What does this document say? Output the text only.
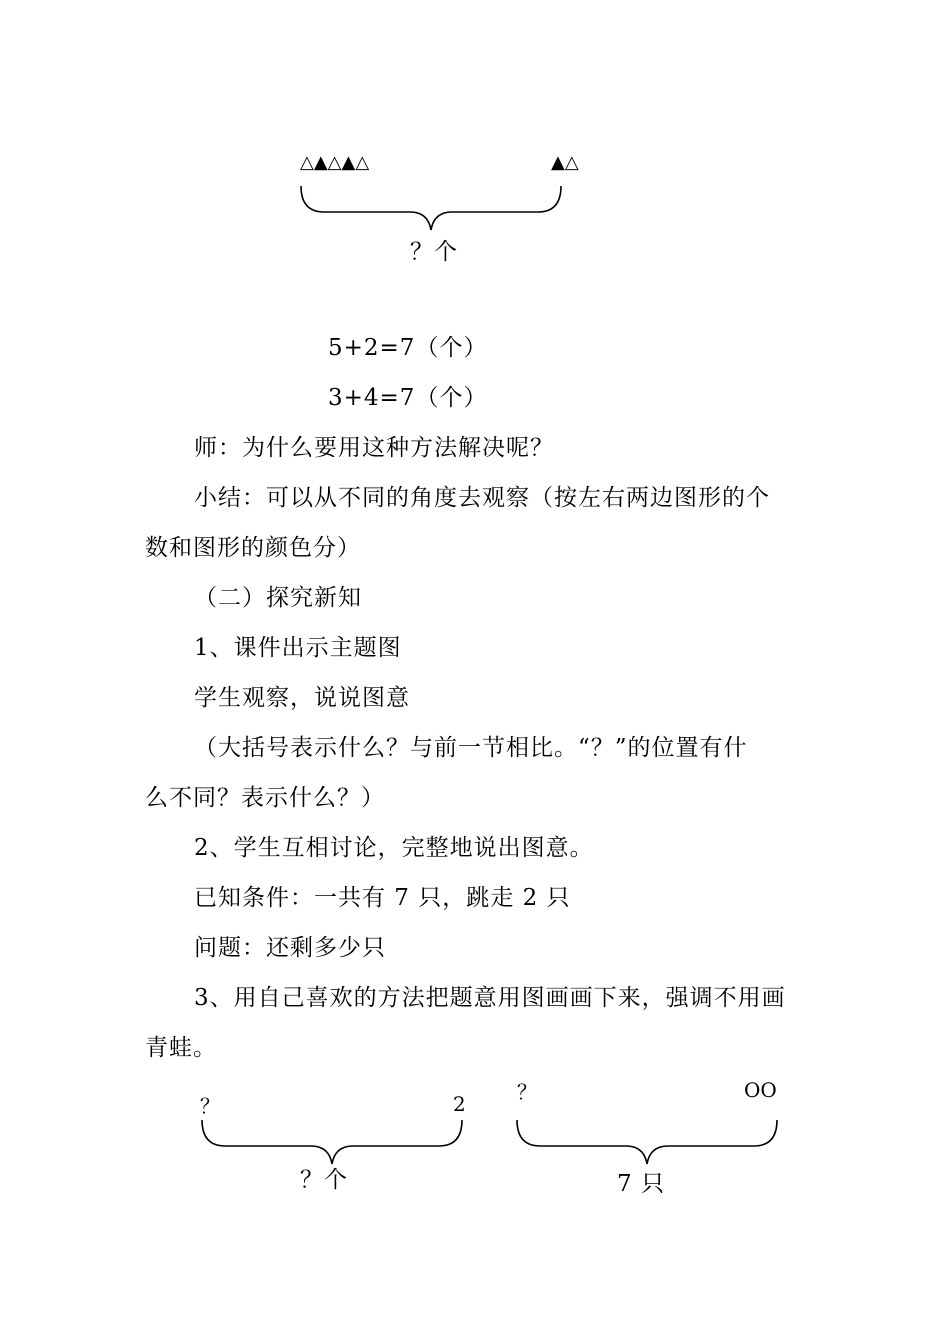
△▲△▲△	▲△
？个
5+2=7（个）
3+4=7（个）
师：为什么要用这种方法解决呢？
小结：可以从不同的角度去观察（按左右两边图形的个
数和图形的颜色分）
（二）探究新知
1、课件出示主题图
学生观察，说说图意
（大括号表示什么？与前一节相比。“？”的位置有什
么不同？表示什么？）
2、学生互相讨论，完整地说出图意。
已知条件：一共有 7 只，跳走 2 只
问题：还剩多少只
3、用自己喜欢的方法把题意用图画画下来，强调不用画
青蛙。
？	2
？个
？	OO
7 只
